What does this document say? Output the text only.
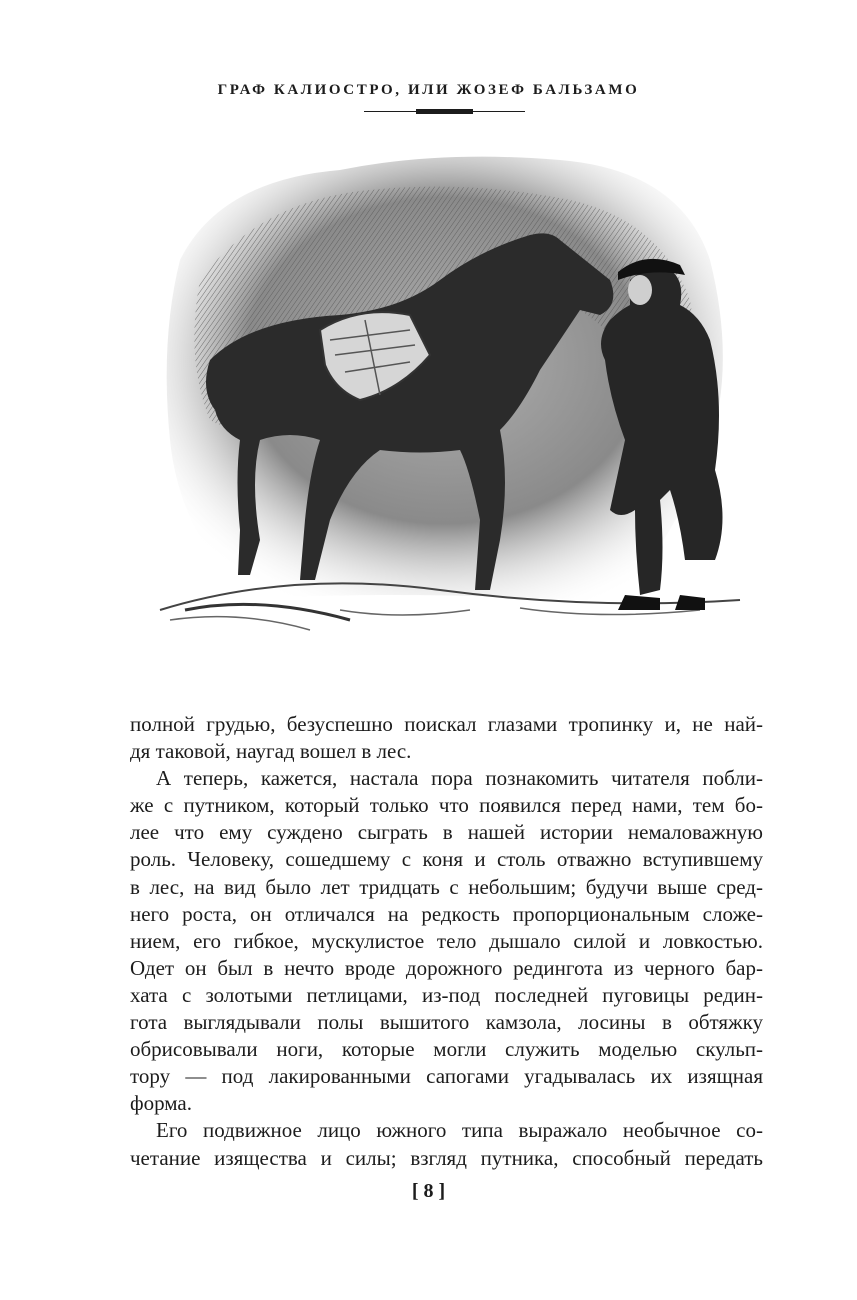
ГРАФ КАЛИОСТРО, ИЛИ ЖОЗЕФ БАЛЬЗАМО

полной грудью, безуспешно поискал глазами тропинку и, не най-
дя таковой, наугад вошел в лес.

А теперь, кажется, настала пора познакомить читателя побли-
же с путником, который только что появился перед нами, тем бо-
лее что ему суждено сыграть в нашей истории немаловажную
роль. Человеку, сошедшему с коня и столь отважно вступившему
в лес, на вид было лет тридцать с небольшим; будучи выше сред-
него роста, он отличался на редкость пропорциональным сложе-
нием, его гибкое, мускулистое тело дышало силой и ловкостью.
Одет он был в нечто вроде дорожного редингота из черного бар-
хата с золотыми петлицами, из-под последней пуговицы редин-
гота выглядывали полы вышитого камзола, лосины в обтяжку
обрисовывали ноги, которые могли служить моделью скульп-
тору — под лакированными сапогами угадывалась их изящная
форма.

Его подвижное лицо южного типа выражало необычное со-
четание изящества и силы; взгляд путника, способный передать

[ 8 ]
